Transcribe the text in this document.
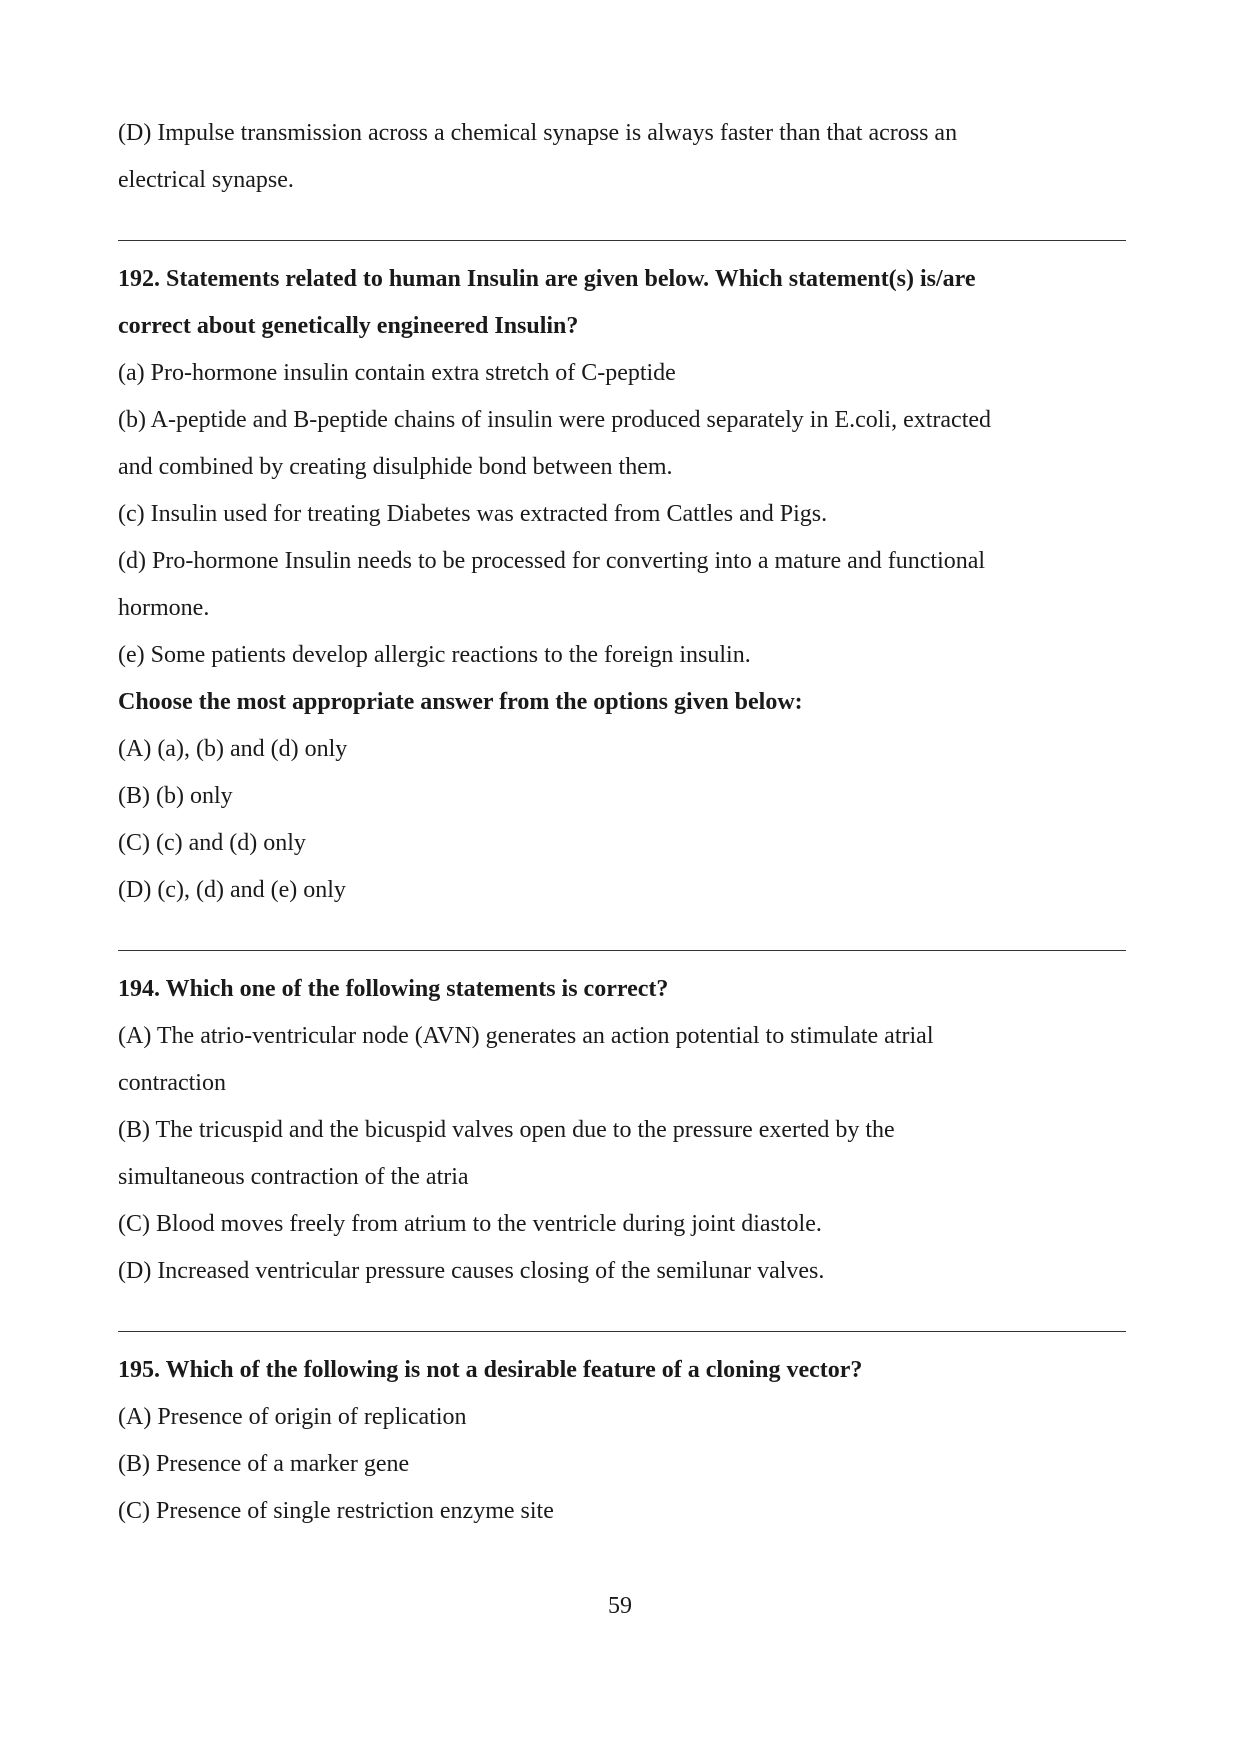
(D) Impulse transmission across a chemical synapse is always faster than that across an

electrical synapse.

192. Statements related to human Insulin are given below. Which statement(s) is/are

correct about genetically engineered Insulin?

(a) Pro-hormone insulin contain extra stretch of C-peptide

(b) A-peptide and B-peptide chains of insulin were produced separately in E.coli, extracted

and combined by creating disulphide bond between them.

(c) Insulin used for treating Diabetes was extracted from Cattles and Pigs.

(d) Pro-hormone Insulin needs to be processed for converting into a mature and functional

hormone.

(e) Some patients develop allergic reactions to the foreign insulin.

Choose the most appropriate answer from the options given below:

(A) (a), (b) and (d) only

(B) (b) only

(C) (c) and (d) only

(D) (c), (d) and (e) only

194. Which one of the following statements is correct?

(A) The atrio-ventricular node (AVN) generates an action potential to stimulate atrial

contraction

(B) The tricuspid and the bicuspid valves open due to the pressure exerted by the

simultaneous contraction of the atria

(C) Blood moves freely from atrium to the ventricle during joint diastole.

(D) Increased ventricular pressure causes closing of the semilunar valves.

195. Which of the following is not a desirable feature of a cloning vector?

(A) Presence of origin of replication

(B) Presence of a marker gene

(C) Presence of single restriction enzyme site

59
